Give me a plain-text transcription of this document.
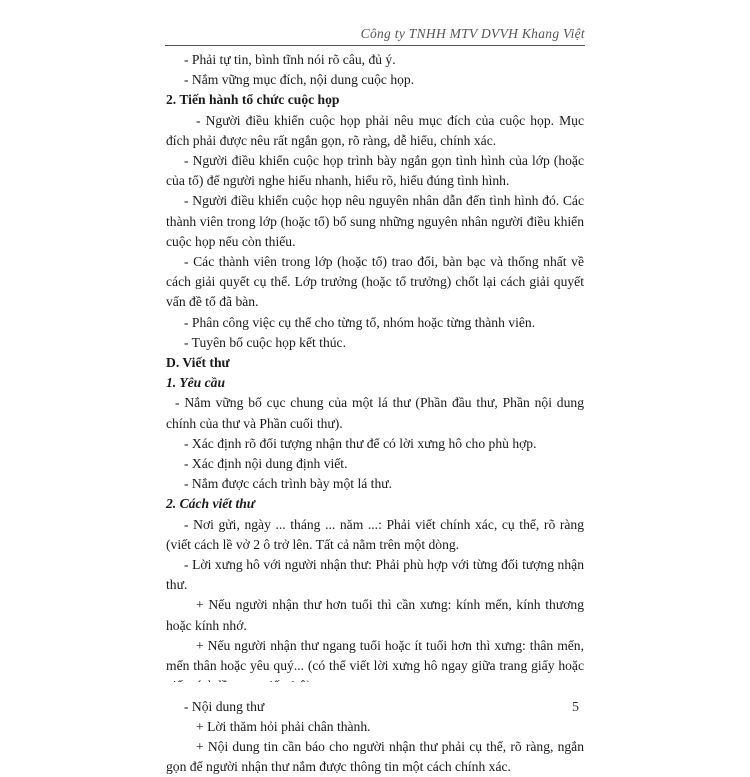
Công ty TNHH MTV DVVH Khang Việt

- Phải tự tin, bình tĩnh nói rõ câu, đủ ý.

- Nắm vững mục đích, nội dung cuộc họp.

2. Tiến hành tổ chức cuộc họp

- Người điều khiển cuộc họp phải nêu mục đích của cuộc họp. Mục đích phải được nêu rất ngắn gọn, rõ ràng, dễ hiểu, chính xác.

- Người điều khiển cuộc họp trình bày ngắn gọn tình hình của lớp (hoặc của tổ) để người nghe hiểu nhanh, hiểu rõ, hiểu đúng tình hình.

- Người điều khiển cuộc họp nêu nguyên nhân dẫn đến tình hình đó. Các thành viên trong lớp (hoặc tổ) bổ sung những nguyên nhân người điều khiển cuộc họp nếu còn thiếu.

- Các thành viên trong lớp (hoặc tổ) trao đổi, bàn bạc và thống nhất về cách giải quyết cụ thể. Lớp trưởng (hoặc tổ trưởng) chốt lại cách giải quyết vấn đề tổ đã bàn.

- Phân công việc cụ thể cho từng tổ, nhóm hoặc từng thành viên.

- Tuyên bố cuộc họp kết thúc.

D. Viết thư

1. Yêu cầu

- Nắm vững bố cục chung của một lá thư (Phần đầu thư, Phần nội dung chính của thư và Phần cuối thư).

- Xác định rõ đối tượng nhận thư để có lời xưng hô cho phù hợp.

- Xác định nội dung định viết.

- Nắm được cách trình bày một lá thư.

2. Cách viết thư

- Nơi gửi, ngày ... tháng ... năm ...: Phải viết chính xác, cụ thể, rõ ràng (viết cách lề vở 2 ô trở lên. Tất cả nằm trên một dòng.

- Lời xưng hô với người nhận thư: Phải phù hợp với từng đối tượng nhận thư.

+ Nếu người nhận thư hơn tuổi thì cần xưng: kính mến, kính thương hoặc kính nhớ.

+ Nếu người nhận thư ngang tuổi hoặc ít tuổi hơn thì xưng: thân mến, mến thân hoặc yêu quý... (có thể viết lời xưng hô ngay giữa trang giấy hoặc

- Nội dung thư

+ Lời thăm hỏi phải chân thành.

+ Nội dung tin cần báo cho người nhận thư phải cụ thể, rõ ràng, ngắn gọn để người nhận thư nắm được thông tin một cách chính xác.

5
